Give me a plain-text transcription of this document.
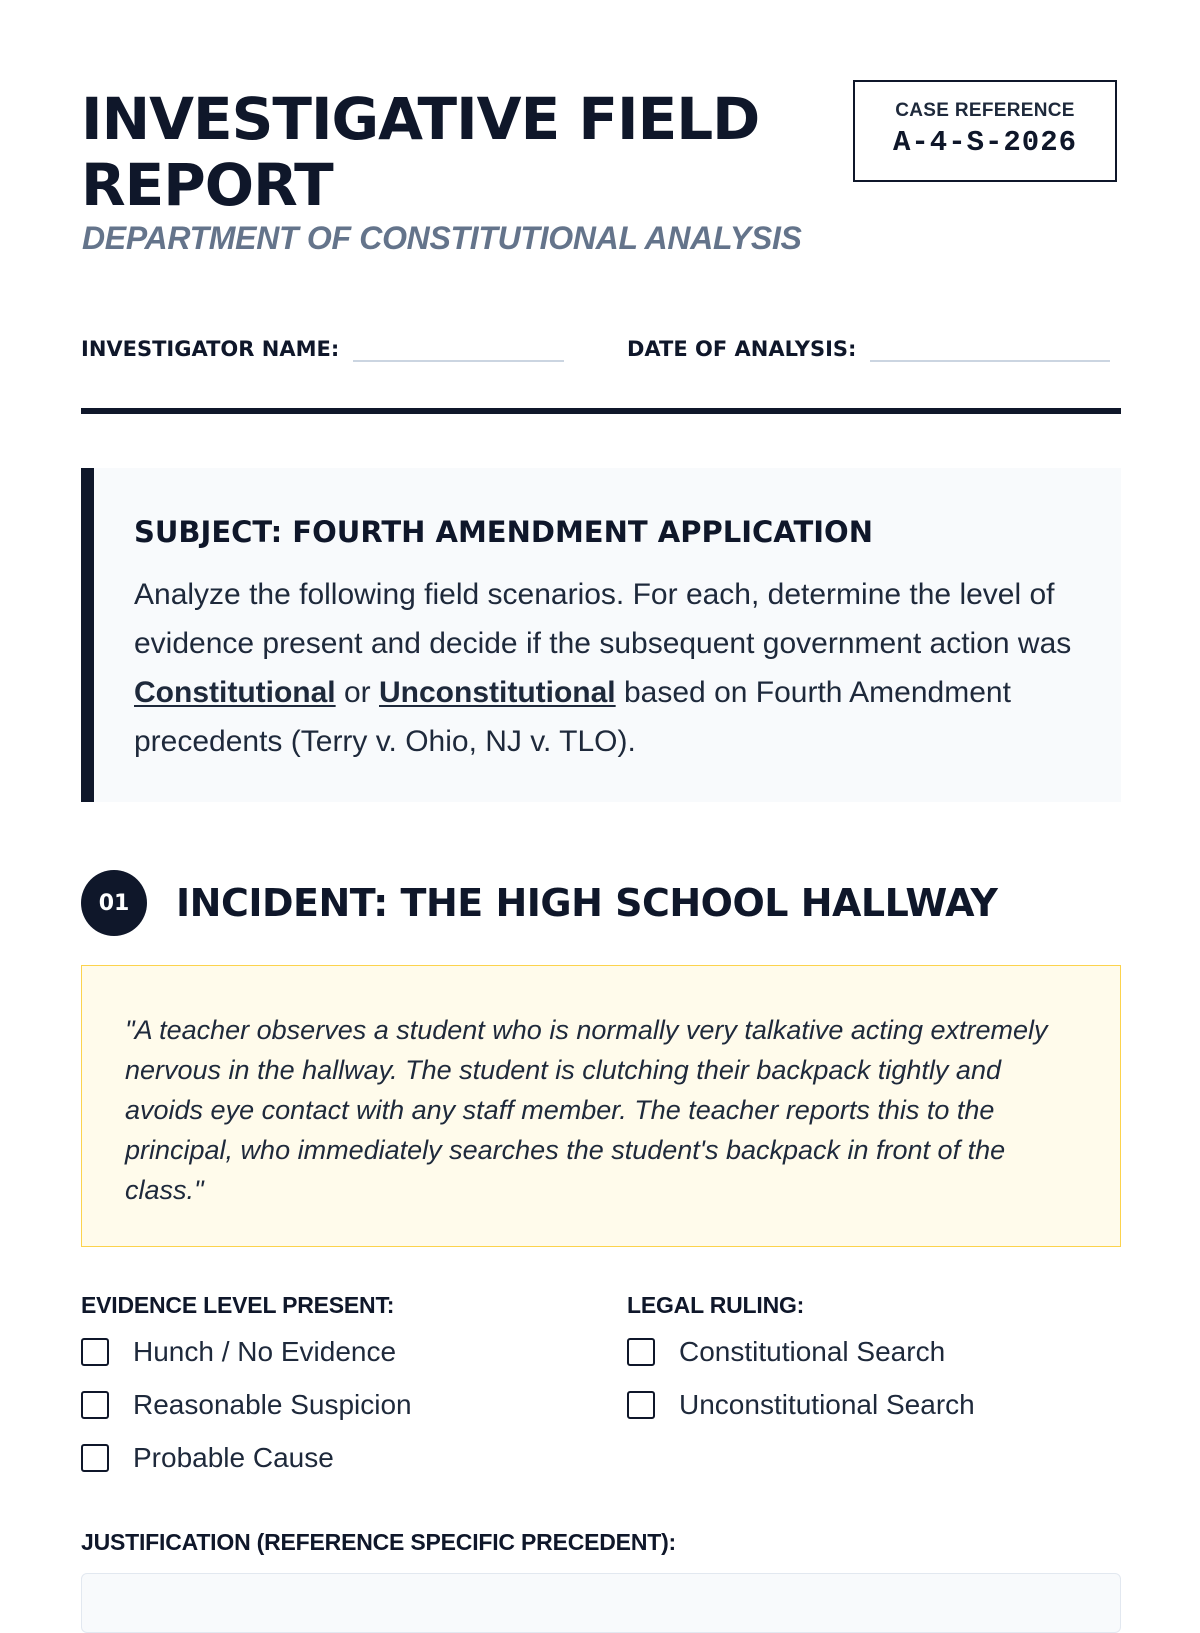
INVESTIGATIVE FIELD REPORT

DEPARTMENT OF CONSTITUTIONAL ANALYSIS

CASE REFERENCE
A-4-S-2026
INVESTIGATOR NAME:	DATE OF ANALYSIS:
SUBJECT: FOURTH AMENDMENT APPLICATION

Analyze the following field scenarios. For each, determine the level of evidence present and decide if the subsequent government action was Constitutional or Unconstitutional based on Fourth Amendment precedents (Terry v. Ohio, NJ v. TLO).

01	INCIDENT: THE HIGH SCHOOL HALLWAY

"A teacher observes a student who is normally very talkative acting extremely nervous in the hallway. The student is clutching their backpack tightly and avoids eye contact with any staff member. The teacher reports this to the principal, who immediately searches the student's backpack in front of the class."

EVIDENCE LEVEL PRESENT:
Hunch / No Evidence
Reasonable Suspicion
Probable Cause
LEGAL RULING:
Constitutional Search
Unconstitutional Search
JUSTIFICATION (REFERENCE SPECIFIC PRECEDENT):
